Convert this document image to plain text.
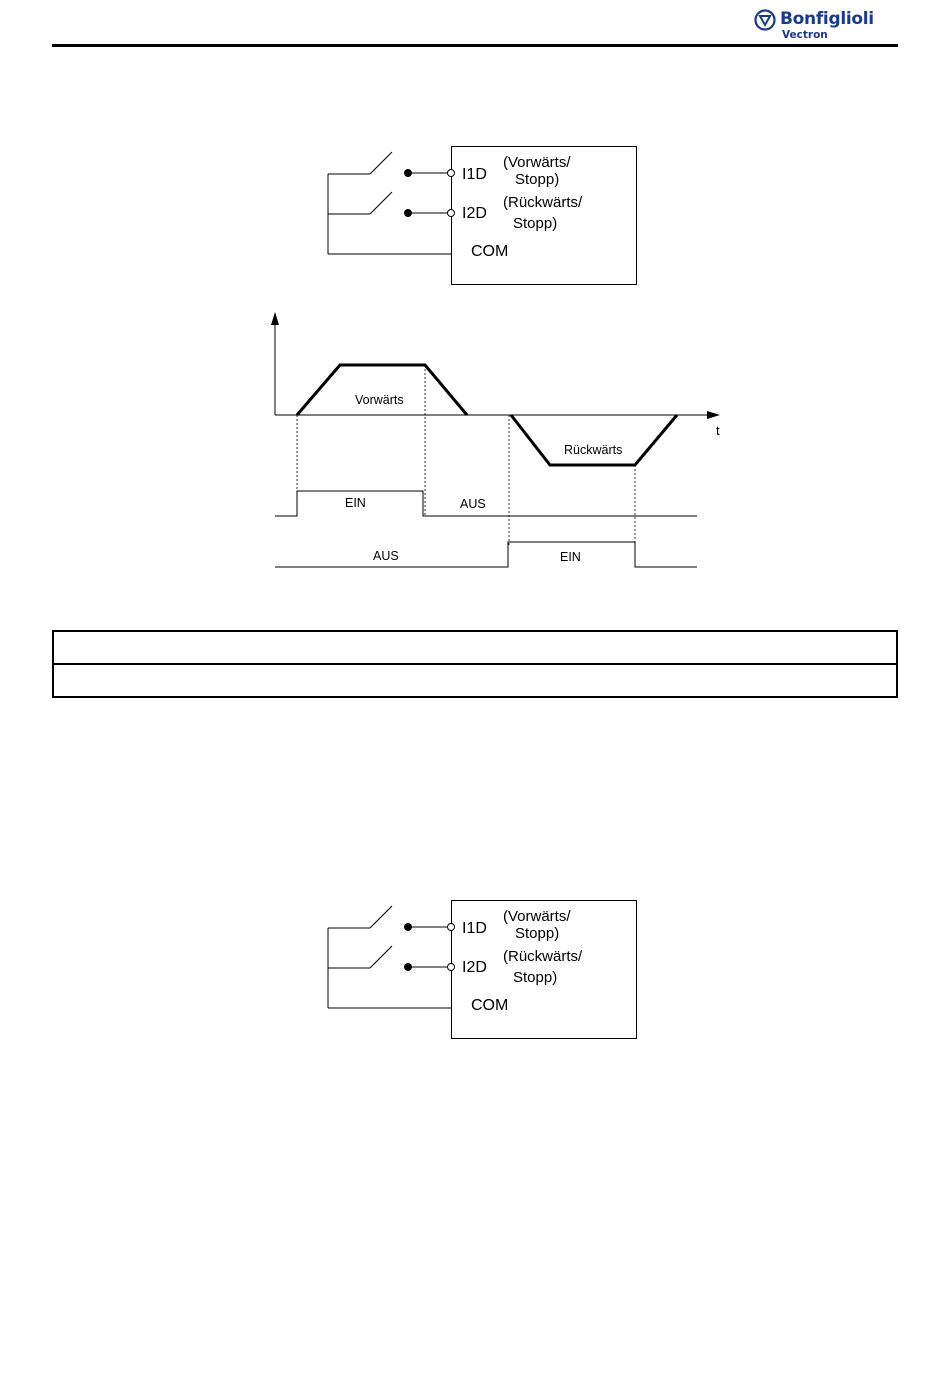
Bonfiglioli
Vectron
I1D
(Vorwärts/
Stopp)
I2D
(Rückwärts/
Stopp)
COM
Vorwärts
Rückwärts
t
EIN	AUS
AUS	EIN

I1D
(Vorwärts/
Stopp)
I2D
(Rückwärts/
Stopp)
COM
